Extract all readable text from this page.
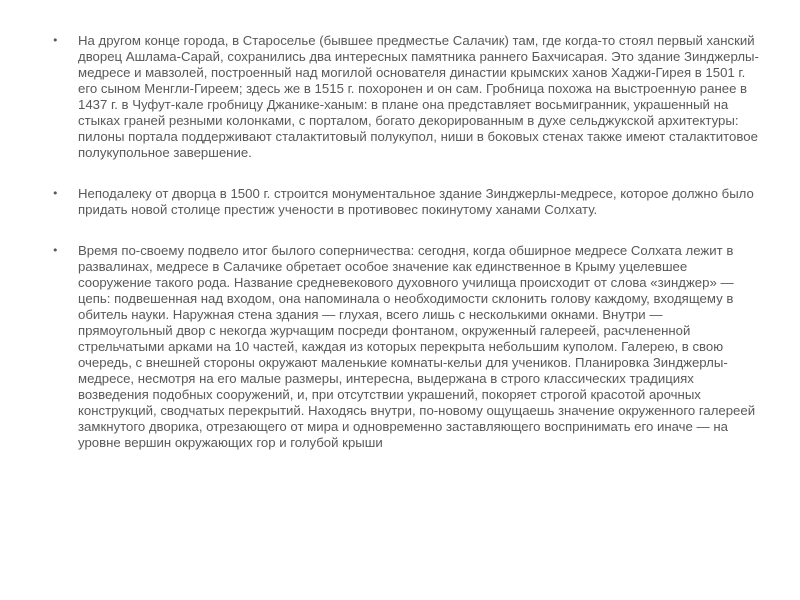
• На другом конце города, в Староселье (бывшее предместье Салачик) там, где когда-то стоял первый ханский дворец Ашлама-Сарай, сохранились два интересных памятника раннего Бахчисарая. Это здание Зинджерлы-медресе и мавзолей, построенный над могилой основателя династии крымских ханов Хаджи-Гирея в 1501 г. его сыном Менгли-Гиреем; здесь же в 1515 г. похоронен и он сам. Гробница похожа на выстроенную ранее в 1437 г. в Чуфут-кале гробницу Джанике-ханым: в плане она представляет восьмигранник, украшенный на стыках граней резными колонками, с порталом, богато декорированным в духе сельджукской архитектуры: пилоны портала поддерживают сталактитовый полукупол, ниши в боковых стенах также имеют сталактитовое полукупольное завершение.
• Неподалеку от дворца в 1500 г. строится монументальное здание Зинджерлы-медресе, которое должно было придать новой столице престиж учености в противовес покинутому ханами Солхату.
• Время по-своему подвело итог былого соперничества: сегодня, когда обширное медресе Солхата лежит в развалинах, медресе в Салачике обретает особое значение как единственное в Крыму уцелевшее сооружение такого рода. Название средневекового духовного училища происходит от слова «зинджер» — цепь: подвешенная над входом, она напоминала о необходимости склонить голову каждому, входящему в обитель науки. Наружная стена здания — глухая, всего лишь с несколькими окнами. Внутри — прямоугольный двор с некогда журчащим посреди фонтаном, окруженный галереей, расчлененной стрельчатыми арками на 10 частей, каждая из которых перекрыта небольшим куполом. Галерею, в свою очередь, с внешней стороны окружают маленькие комнаты-кельи для учеников. Планировка Зинджерлы-медресе, несмотря на его малые размеры, интересна, выдержана в строго классических традициях возведения подобных сооружений, и, при отсутствии украшений, покоряет строгой красотой арочных конструкций, сводчатых перекрытий. Находясь внутри, по-новому ощущаешь значение окруженного галереей замкнутого дворика, отрезающего от мира и одновременно заставляющего воспринимать его иначе — на уровне вершин окружающих гор и голубой крыши
